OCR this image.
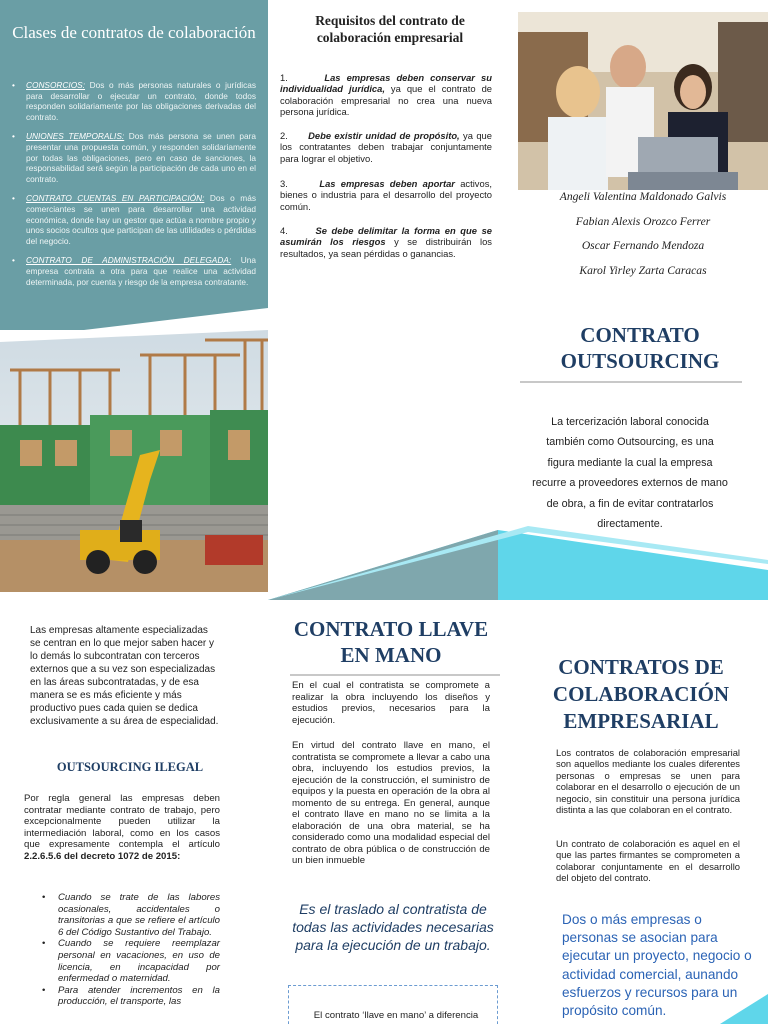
Clases de contratos de colaboración
• CONSORCIOS: Dos o más personas naturales o jurídicas para desarrollar o ejecutar un contrato, donde todos responden solidariamente por las obligaciones derivadas del contrato.
• UNIONES TEMPORALIS: Dos más persona se unen para presentar una propuesta común, y responden solidariamente por todas las obligaciones, pero en caso de sanciones, la responsabilidad será según la participación de cada uno en el contrato.
• CONTRATO CUENTAS EN PARTICIPACIÓN: Dos o más comerciantes se unen para desarrollar una actividad económica, donde hay un gestor que actúa a nombre propio y unos socios ocultos que participan de las utilidades o pérdidas del negocio.
• CONTRATO DE ADMINISTRACIÓN DELEGADA: Una empresa contrata a otra para que realice una actividad determinada, por cuenta y riesgo de la empresa contratante.
Requisitos del contrato de colaboración empresarial
1.	Las empresas deben conservar su individualidad jurídica, ya que el contrato de colaboración empresarial no crea una nueva persona jurídica.
2. Debe existir unidad de propósito, ya que los contratantes deben trabajar conjuntamente para lograr el objetivo.
3.	Las empresas deben aportar activos, bienes o industria para el desarrollo del proyecto común.
4.	Se debe delimitar la forma en que se asumirán los riesgos y se distribuirán los resultados, ya sean pérdidas o ganancias.
Angeli Valentina Maldonado Galvis
Fabian Alexis Orozco Ferrer
Oscar Fernando Mendoza
Karol Yirley Zarta Caracas
CONTRATO OUTSOURCING
La tercerización laboral conocida también como Outsourcing, es una figura mediante la cual la empresa recurre a proveedores externos de mano de obra, a fin de evitar contratarlos directamente.
Las empresas altamente especializadas se centran en lo que mejor saben hacer y lo demás lo subcontratan con terceros externos que a su vez son especializadas en las áreas subcontratadas, y de esa manera se es más eficiente y más productivo pues cada quien se dedica exclusivamente a su área de especialidad.
OUTSOURCING ILEGAL
Por regla general las empresas deben contratar mediante contrato de trabajo, pero excepcionalmente pueden utilizar la intermediación laboral, como en los casos que expresamente contempla el artículo 2.2.6.5.6 del decreto 1072 de 2015:
• Cuando se trate de las labores ocasionales, accidentales o transitorias a que se refiere el artículo 6 del Código Sustantivo del Trabajo.
• Cuando se requiere reemplazar personal en vacaciones, en uso de licencia, en incapacidad por enfermedad o maternidad.
• Para atender incrementos en la producción, el transporte, las
CONTRATO LLAVE EN MANO
En el cual el contratista se compromete a realizar la obra incluyendo los diseños y estudios previos, necesarios para la ejecución.
En virtud del contrato llave en mano, el contratista se compromete a llevar a cabo una obra, incluyendo los estudios previos, la ejecución de la construcción, el suministro de equipos y la puesta en operación de la obra al momento de su entrega. En general, aunque el contrato llave en mano no se limita a la elaboración de una obra material, se ha considerado como una modalidad especial del contrato de obra pública o de construcción de un bien inmueble
Es el traslado al contratista de todas las actividades necesarias para la ejecución de un trabajo.
El contrato ‘llave en mano’ a diferencia
CONTRATOS DE COLABORACIÓN EMPRESARIAL
Los contratos de colaboración empresarial son aquellos mediante los cuales diferentes personas o empresas se unen para colaborar en el desarrollo o ejecución de un negocio, sin constituir una persona jurídica distinta a las que colaboran en el contrato.
Un contrato de colaboración es aquel en el que las partes firmantes se comprometen a colaborar conjuntamente en el desarrollo del objeto del contrato.
Dos o más empresas o personas se asocian para ejecutar un proyecto, negocio o actividad comercial, aunando esfuerzos y recursos para un propósito común.
